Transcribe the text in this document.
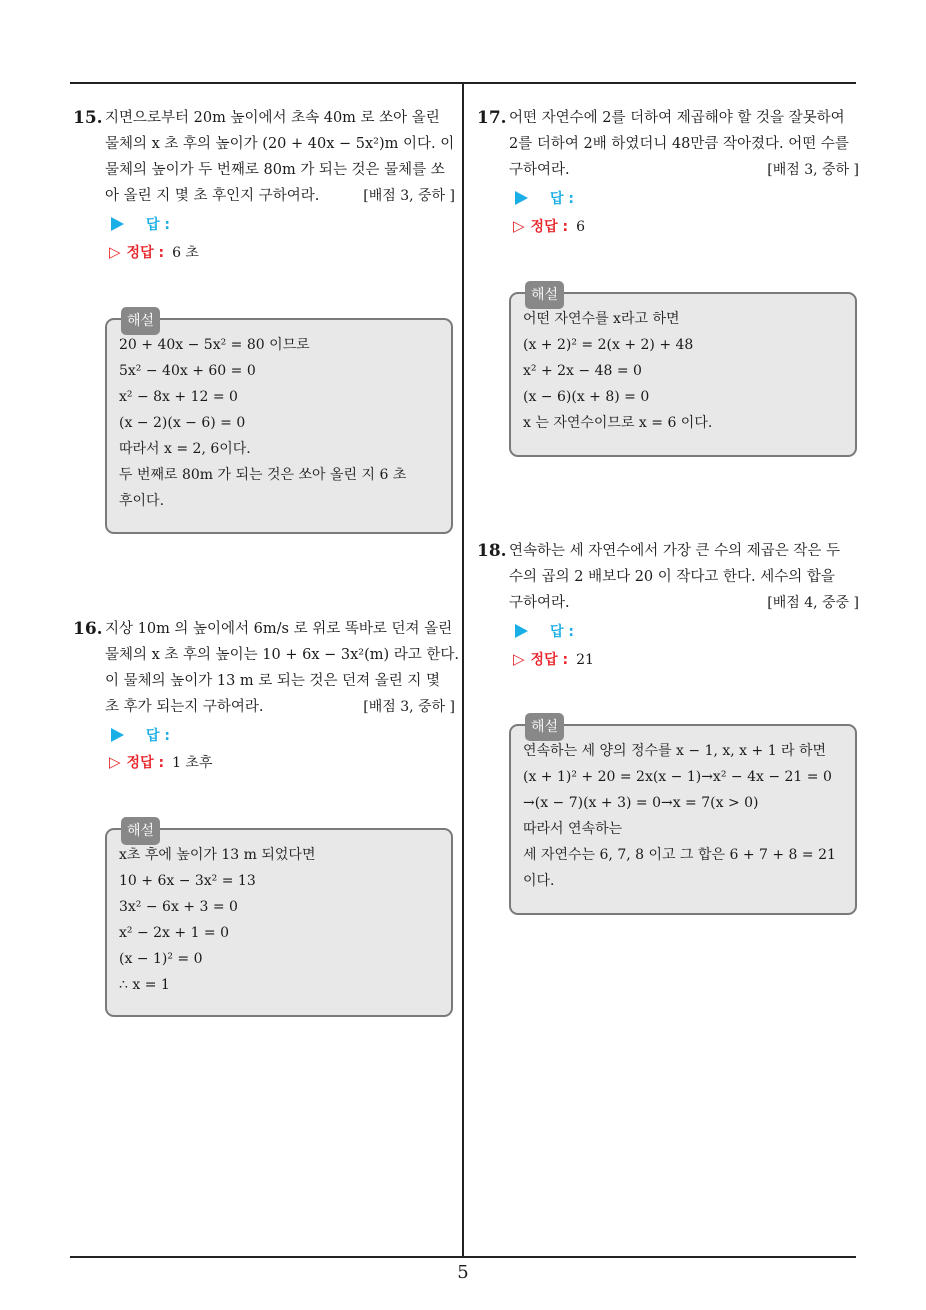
5
15. 지면으로부터 20m 높이에서 초속 40m 로 쏘아 올린
물체의 x 초 후의 높이가 (20 + 40x − 5x²)m 이다. 이
물체의 높이가 두 번째로 80m 가 되는 것은 물체를 쏘
아 올린 지 몇 초 후인지 구하여라.	[배점 3, 중하 ]
답 :
▷ 정답 : 6 초
해설
20 + 40x − 5x² = 80 이므로
5x² − 40x + 60 = 0
x² − 8x + 12 = 0
(x − 2)(x − 6) = 0
따라서 x = 2, 6이다.
두 번째로 80m 가 되는 것은 쏘아 올린 지 6 초
후이다.
16. 지상 10m 의 높이에서 6m/s 로 위로 똑바로 던져 올린
물체의 x 초 후의 높이는 10 + 6x − 3x²(m) 라고 한다.
이 물체의 높이가 13 m 로 되는 것은 던져 올린 지 몇
초 후가 되는지 구하여라.	[배점 3, 중하 ]
답 :
▷ 정답 : 1 초후
해설
x초 후에 높이가 13 m 되었다면
10 + 6x − 3x² = 13
3x² − 6x + 3 = 0
x² − 2x + 1 = 0
(x − 1)² = 0
∴ x = 1
17. 어떤 자연수에 2를 더하여 제곱해야 할 것을 잘못하여
2를 더하여 2배 하였더니 48만큼 작아졌다. 어떤 수를
구하여라.	[배점 3, 중하 ]
답 :
▷ 정답 : 6
해설
어떤 자연수를 x라고 하면
(x + 2)² = 2(x + 2) + 48
x² + 2x − 48 = 0
(x − 6)(x + 8) = 0
x 는 자연수이므로 x = 6 이다.
18. 연속하는 세 자연수에서 가장 큰 수의 제곱은 작은 두
수의 곱의 2 배보다 20 이 작다고 한다. 세수의 합을
구하여라.	[배점 4, 중중 ]
답 :
▷ 정답 : 21
해설
연속하는 세 양의 정수를 x − 1, x, x + 1 라 하면
(x + 1)² + 20 = 2x(x − 1)→x² − 4x − 21 = 0
→(x − 7)(x + 3) = 0→x = 7(x > 0)
따라서 연속하는
세 자연수는 6, 7, 8 이고 그 합은 6 + 7 + 8 = 21
이다.
